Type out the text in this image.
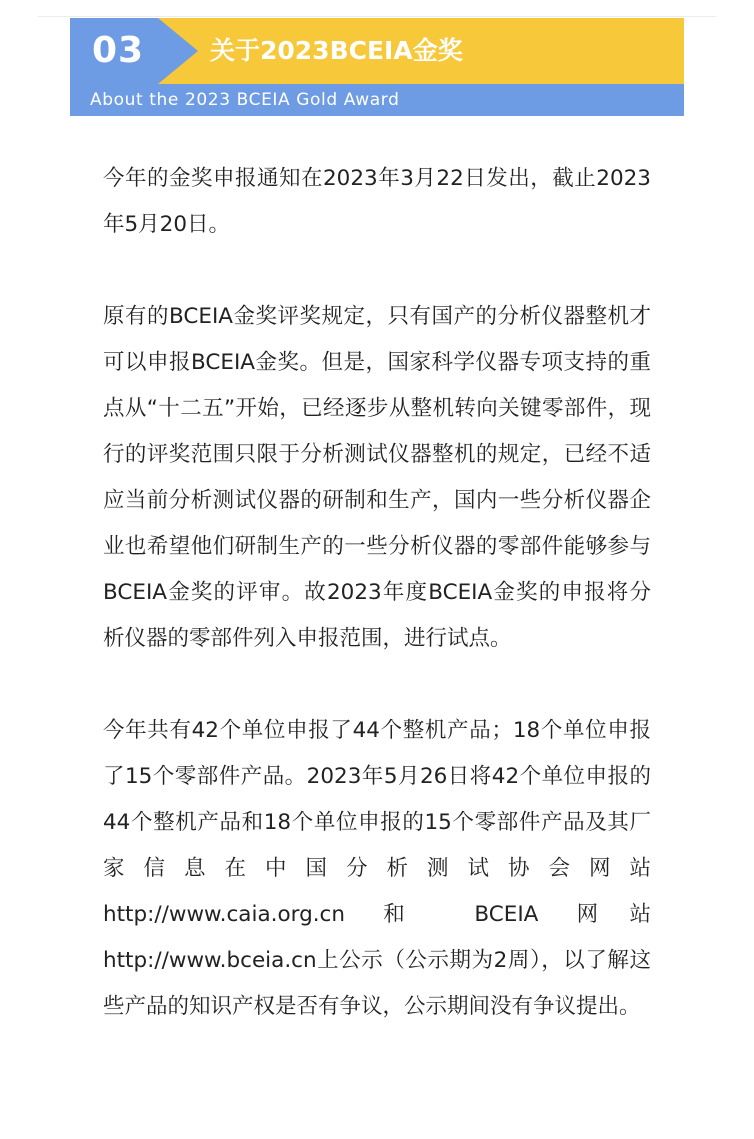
03	关于2023BCEIA金奖
About the 2023 BCEIA Gold Award

今年的金奖申报通知在2023年3月22日发出，截止2023年5月20日。

原有的BCEIA金奖评奖规定，只有国产的分析仪器整机才可以申报BCEIA金奖。但是，国家科学仪器专项支持的重点从“十二五”开始，已经逐步从整机转向关键零部件，现行的评奖范围只限于分析测试仪器整机的规定，已经不适应当前分析测试仪器的研制和生产，国内一些分析仪器企业也希望他们研制生产的一些分析仪器的零部件能够参与BCEIA金奖的评审。故2023年度BCEIA金奖的申报将分析仪器的零部件列入申报范围，进行试点。

今年共有42个单位申报了44个整机产品；18个单位申报了15个零部件产品。2023年5月26日将42个单位申报的44个整机产品和18个单位申报的15个零部件产品及其厂家信息在中国分析测试协会网站 http://www.caia.org.cn 和 BCEIA 网站http://www.bceia.cn上公示（公示期为2周），以了解这些产品的知识产权是否有争议，公示期间没有争议提出。
